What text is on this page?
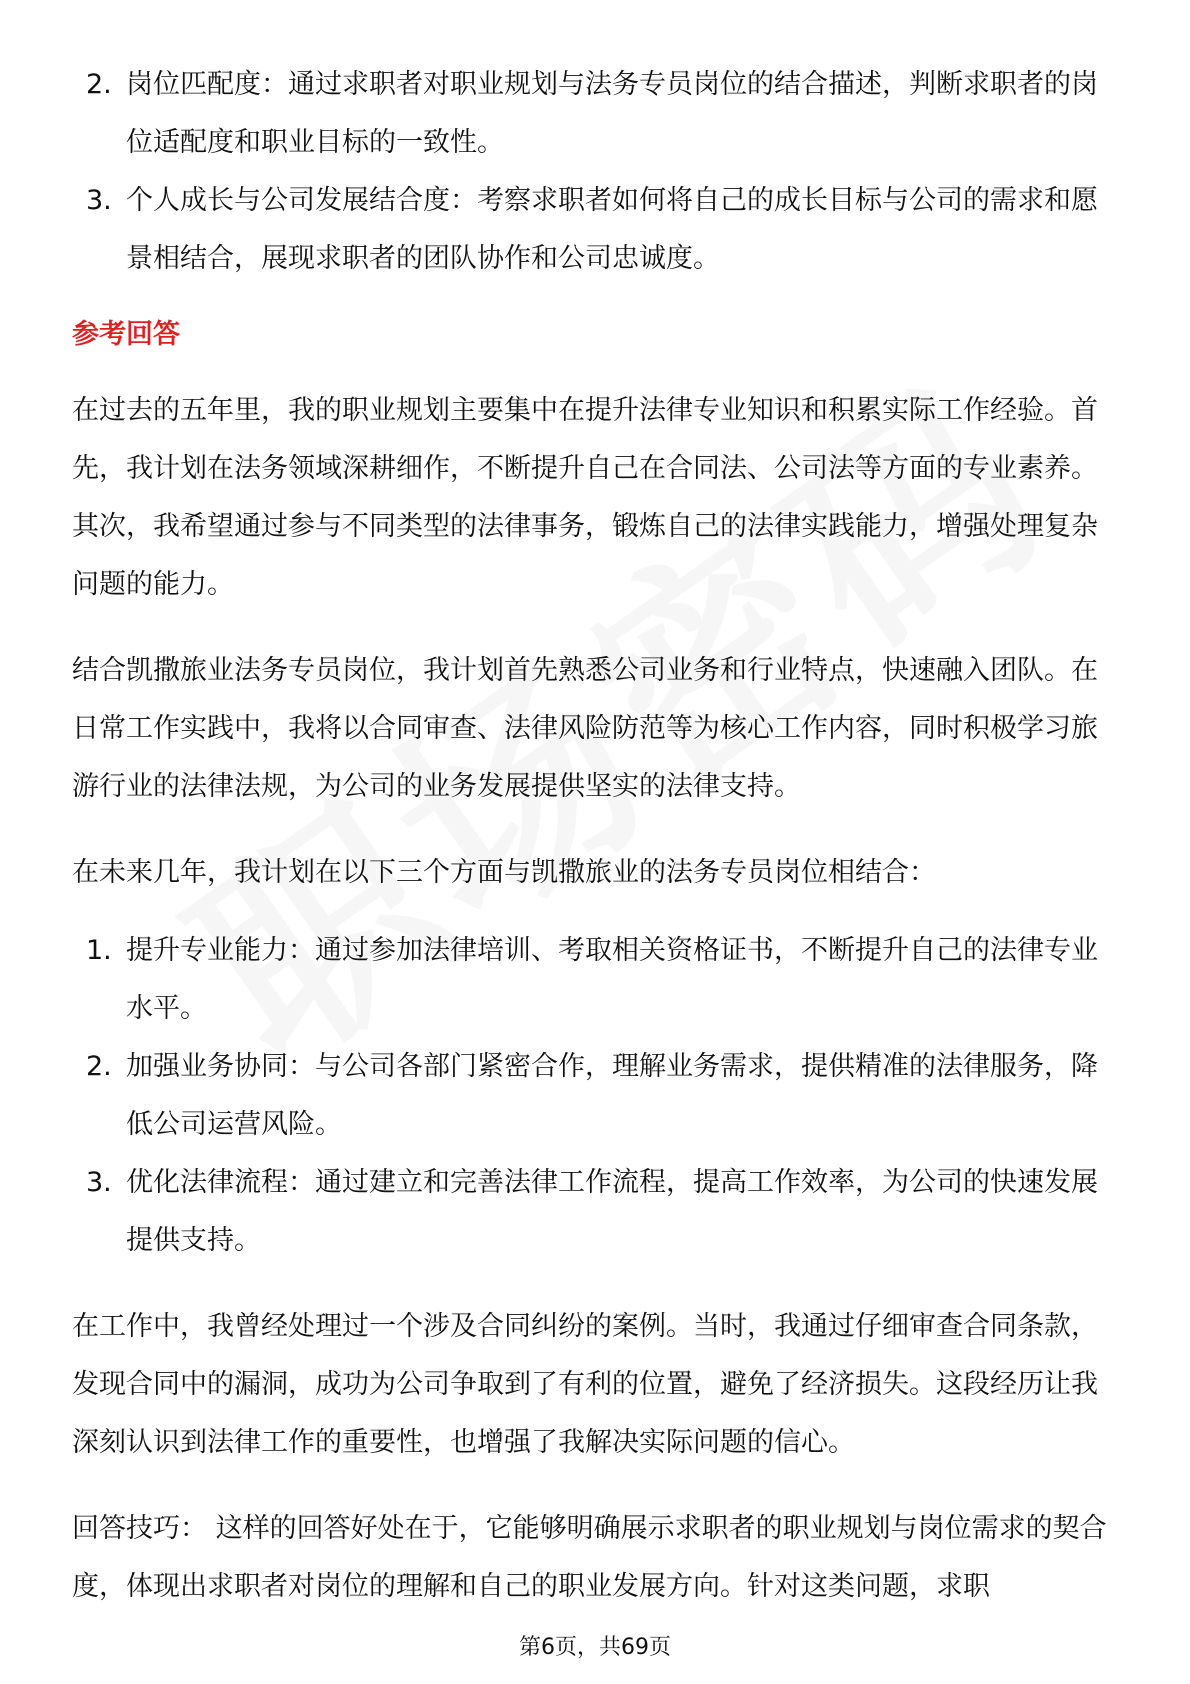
2. 岗位匹配度：通过求职者对职业规划与法务专员岗位的结合描述，判断求职者的岗位适配度和职业目标的一致性。
3. 个人成长与公司发展结合度：考察求职者如何将自己的成长目标与公司的需求和愿景相结合，展现求职者的团队协作和公司忠诚度。
参考回答

在过去的五年里，我的职业规划主要集中在提升法律专业知识和积累实际工作经验。首先，我计划在法务领域深耕细作，不断提升自己在合同法、公司法等方面的专业素养。其次，我希望通过参与不同类型的法律事务，锻炼自己的法律实践能力，增强处理复杂问题的能力。

结合凯撒旅业法务专员岗位，我计划首先熟悉公司业务和行业特点，快速融入团队。在日常工作实践中，我将以合同审查、法律风险防范等为核心工作内容，同时积极学习旅游行业的法律法规，为公司的业务发展提供坚实的法律支持。

在未来几年，我计划在以下三个方面与凯撒旅业的法务专员岗位相结合：

1. 提升专业能力：通过参加法律培训、考取相关资格证书，不断提升自己的法律专业水平。
2. 加强业务协同：与公司各部门紧密合作，理解业务需求，提供精准的法律服务，降低公司运营风险。
3. 优化法律流程：通过建立和完善法律工作流程，提高工作效率，为公司的快速发展提供支持。

在工作中，我曾经处理过一个涉及合同纠纷的案例。当时，我通过仔细审查合同条款，发现合同中的漏洞，成功为公司争取到了有利的位置，避免了经济损失。这段经历让我深刻认识到法律工作的重要性，也增强了我解决实际问题的信心。

回答技巧： 这样的回答好处在于，它能够明确展示求职者的职业规划与岗位需求的契合度，体现出求职者对岗位的理解和自己的职业发展方向。针对这类问题，求职

第6页，共69页
